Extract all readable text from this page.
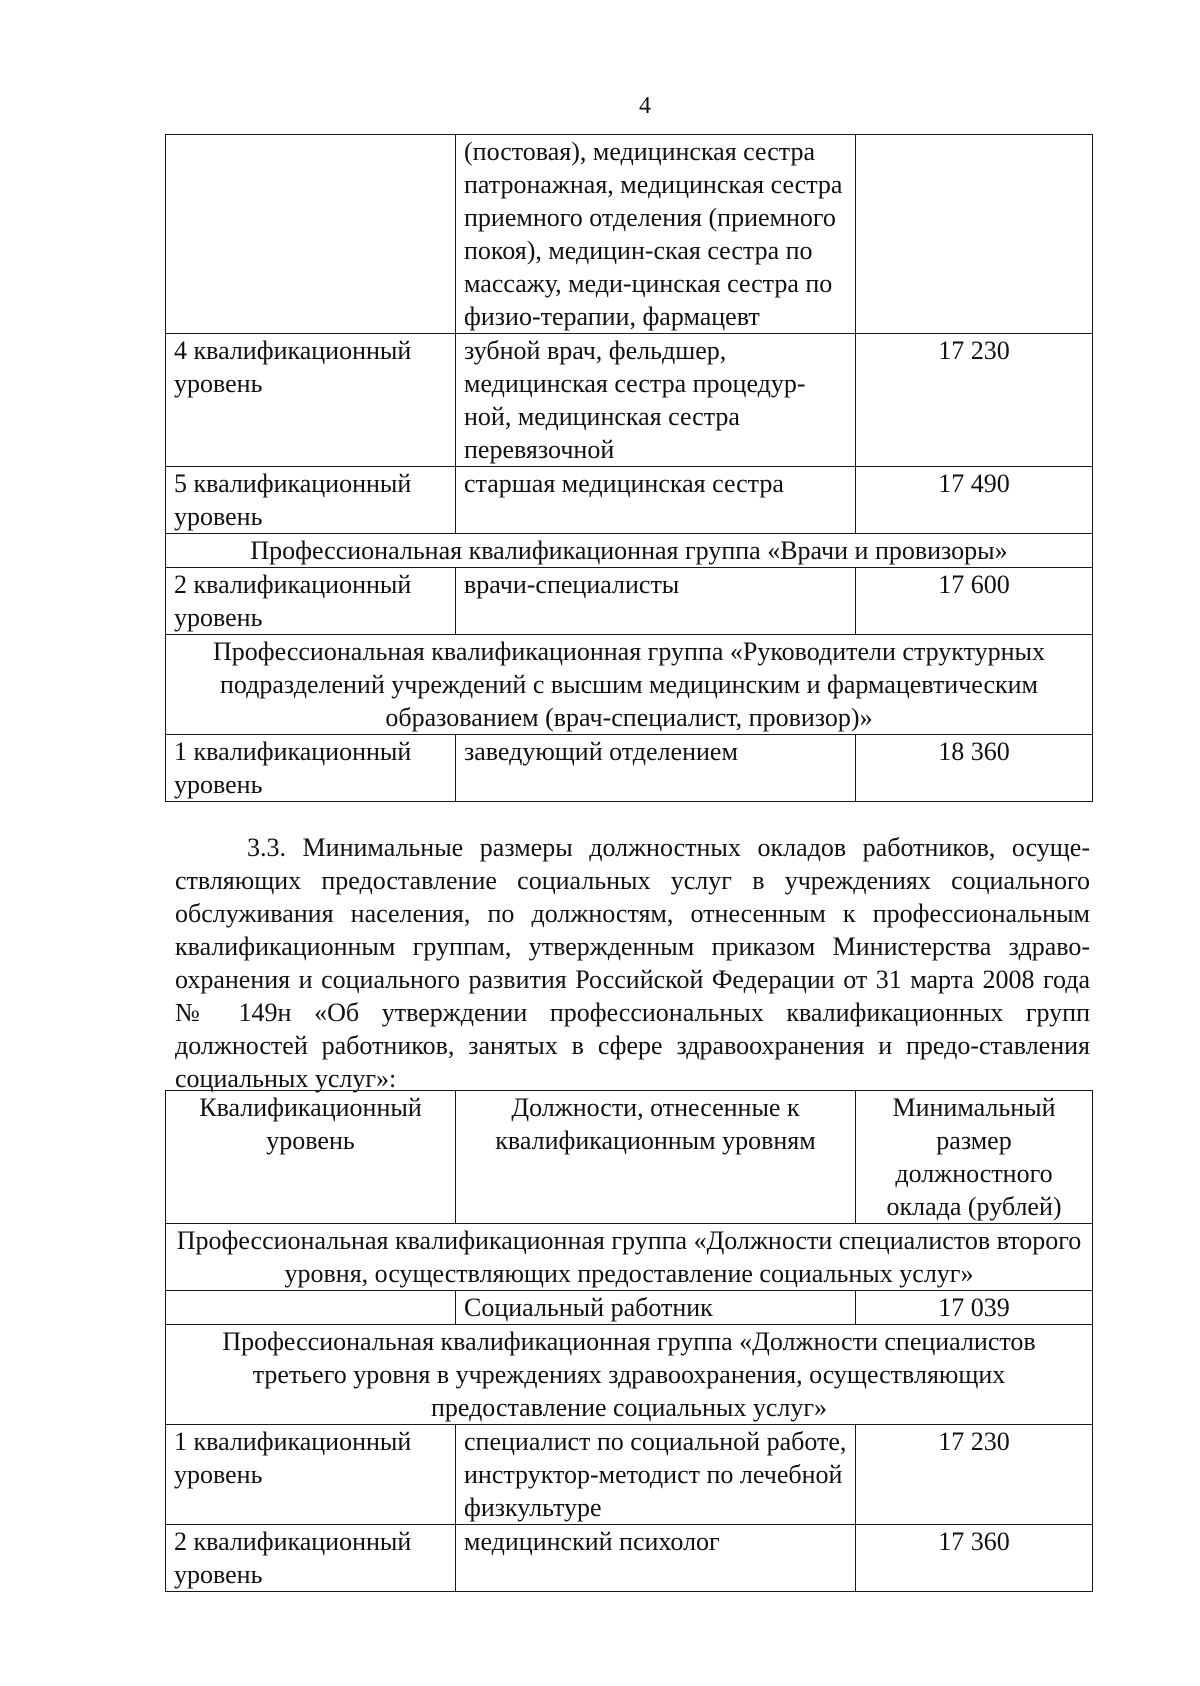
4
	(постовая), медицинская сестра патронажная, медицинская сестра приемного отделения (приемного покоя), медицин-ская сестра по массажу, меди-цинская сестра по физио-терапии, фармацевт	
4 квалификационный уровень	зубной врач, фельдшер, медицинская сестра процедур-ной, медицинская сестра перевязочной	17 230
5 квалификационный уровень	старшая медицинская сестра	17 490
Профессиональная квалификационная группа «Врачи и провизоры»		
2 квалификационный уровень	врачи-специалисты	17 600
Профессиональная квалификационная группа «Руководители структурных подразделений учреждений с высшим медицинским и фармацевтическим образованием (врач-специалист, провизор)»		
1 квалификационный уровень	заведующий отделением	18 360

3.3. Минимальные размеры должностных окладов работников, осуще-ствляющих предоставление социальных услуг в учреждениях социального обслуживания населения, по должностям, отнесенным к профессиональным квалификационным группам, утвержденным приказом Министерства здраво-охранения и социального развития Российской Федерации от 31 марта 2008 года № 149н «Об утверждении профессиональных квалификационных групп должностей работников, занятых в сфере здравоохранения и предо-ставления социальных услуг»:

Квалификационный уровень	Должности, отнесенные к квалификационным уровням	Минимальный размер должностного оклада (рублей)
Профессиональная квалификационная группа «Должности специалистов второго уровня, осуществляющих предоставление социальных услуг»		
	Социальный работник	17 039
Профессиональная квалификационная группа «Должности специалистов третьего уровня в учреждениях здравоохранения, осуществляющих предоставление социальных услуг»		
1 квалификационный уровень	специалист по социальной работе, инструктор-методист по лечебной физкультуре	17 230
2 квалификационный уровень	медицинский психолог	17 360
